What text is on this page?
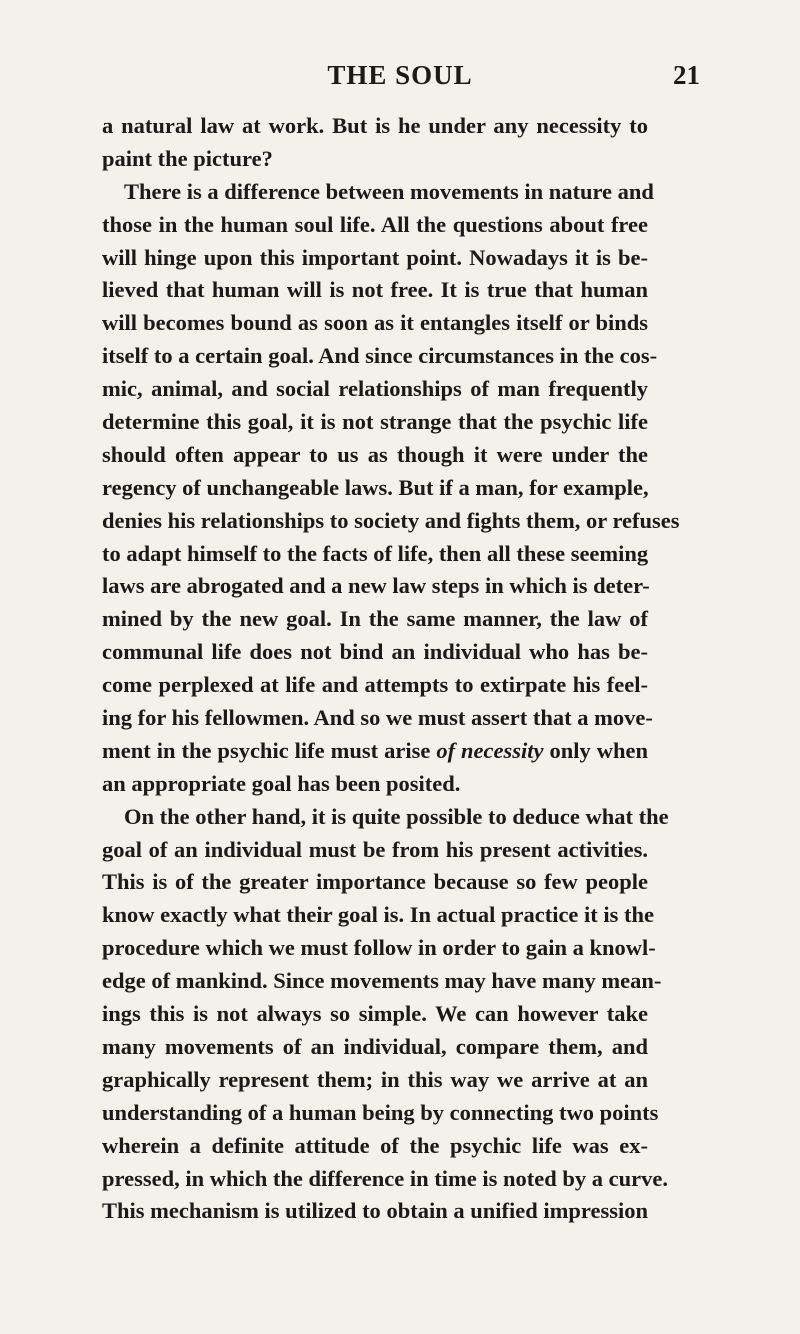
THE SOUL	21
a natural law at work. But is he under any necessity to
paint the picture?
There is a difference between movements in nature and
those in the human soul life. All the questions about free
will hinge upon this important point. Nowadays it is be-
lieved that human will is not free. It is true that human
will becomes bound as soon as it entangles itself or binds
itself to a certain goal. And since circumstances in the cos-
mic, animal, and social relationships of man frequently
determine this goal, it is not strange that the psychic life
should often appear to us as though it were under the
regency of unchangeable laws. But if a man, for example,
denies his relationships to society and fights them, or refuses
to adapt himself to the facts of life, then all these seeming
laws are abrogated and a new law steps in which is deter-
mined by the new goal. In the same manner, the law of
communal life does not bind an individual who has be-
come perplexed at life and attempts to extirpate his feel-
ing for his fellowmen. And so we must assert that a move-
ment in the psychic life must arise of necessity only when
an appropriate goal has been posited.
On the other hand, it is quite possible to deduce what the
goal of an individual must be from his present activities.
This is of the greater importance because so few people
know exactly what their goal is. In actual practice it is the
procedure which we must follow in order to gain a knowl-
edge of mankind. Since movements may have many mean-
ings this is not always so simple. We can however take
many movements of an individual, compare them, and
graphically represent them; in this way we arrive at an
understanding of a human being by connecting two points
wherein a definite attitude of the psychic life was ex-
pressed, in which the difference in time is noted by a curve.
This mechanism is utilized to obtain a unified impression
